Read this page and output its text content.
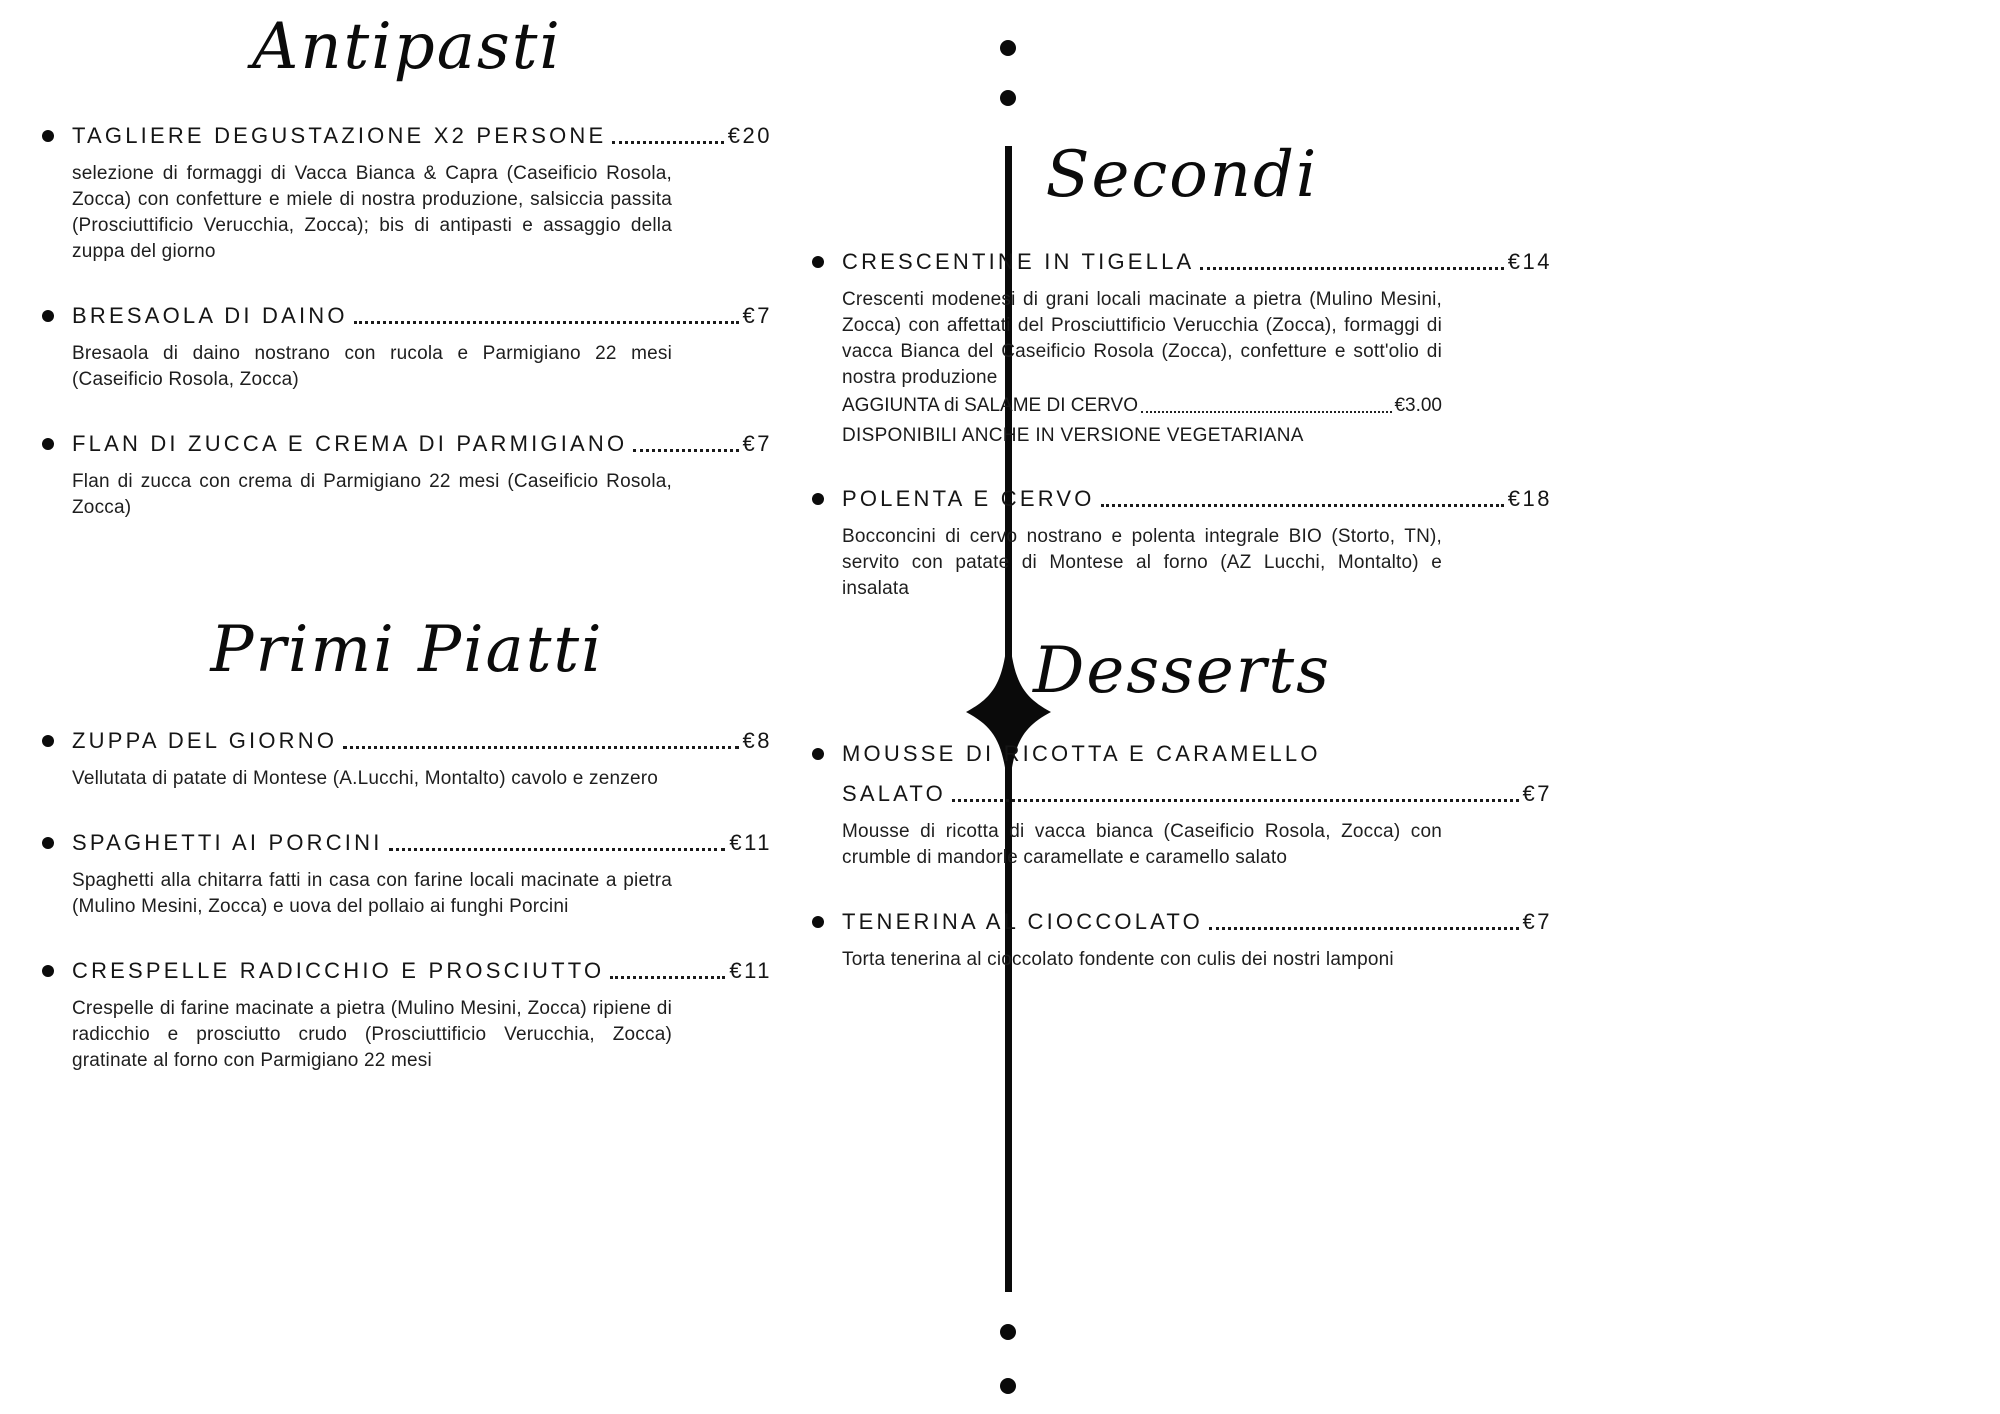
Antipasti
TAGLIERE DEGUSTAZIONE X2 PERSONE	€20

selezione di formaggi di Vacca Bianca & Capra (Caseificio Rosola, Zocca) con confetture e miele di nostra produzione, salsiccia passita (Prosciuttificio Verucchia, Zocca); bis di antipasti e assaggio della zuppa del giorno

BRESAOLA DI DAINO	€7

Bresaola di daino nostrano con rucola e Parmigiano 22 mesi (Caseificio Rosola, Zocca)

FLAN DI ZUCCA E CREMA DI PARMIGIANO	€7

Flan di zucca con crema di Parmigiano 22 mesi (Caseificio Rosola, Zocca)

Primi Piatti
ZUPPA DEL GIORNO	€8

Vellutata di patate di Montese (A.Lucchi, Montalto) cavolo e zenzero

SPAGHETTI AI PORCINI	€11

Spaghetti alla chitarra fatti in casa con farine locali macinate a pietra (Mulino Mesini, Zocca) e uova del pollaio ai funghi Porcini

CRESPELLE RADICCHIO E PROSCIUTTO	€11

Crespelle di farine macinate a pietra (Mulino Mesini, Zocca) ripiene di radicchio e prosciutto crudo (Prosciuttificio Verucchia, Zocca) gratinate al forno con Parmigiano 22 mesi

Secondi
CRESCENTINE IN TIGELLA	€14

Crescenti modenesi di grani locali macinate a pietra (Mulino Mesini, Zocca) con affettati del Prosciuttificio Verucchia (Zocca), formaggi di vacca Bianca del Caseificio Rosola (Zocca), confetture e sott'olio di nostra produzione

AGGIUNTA di SALAME DI CERVO	€3.00
DISPONIBILI ANCHE IN VERSIONE VEGETARIANA
POLENTA E CERVO	€18

Bocconcini di cervo nostrano e polenta integrale BIO (Storto, TN), servito con patate di Montese al forno (AZ Lucchi, Montalto) e insalata

Desserts
MOUSSE DI RICOTTA E CARAMELLO
SALATO	€7

Mousse di ricotta di vacca bianca (Caseificio Rosola, Zocca) con crumble di mandorle caramellate e caramello salato

TENERINA AL CIOCCOLATO	€7

Torta tenerina al cioccolato fondente con culis dei nostri lamponi
